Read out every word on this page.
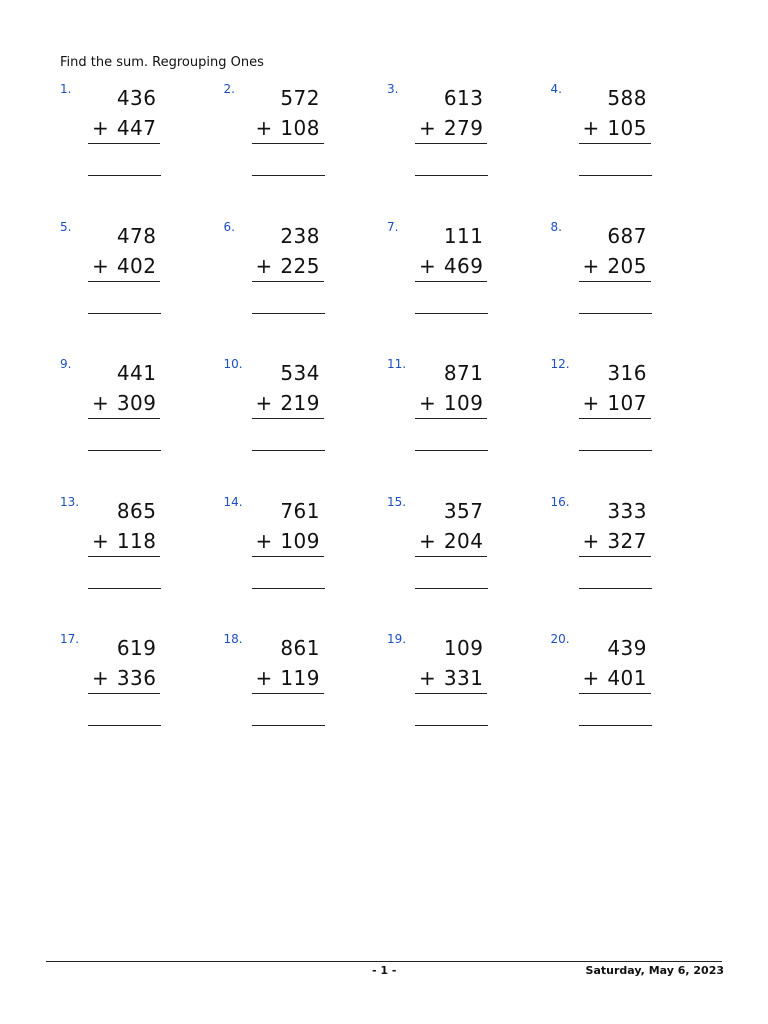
Find the sum. Regrouping Ones
1. 436
+ 447
2. 572
+ 108
3. 613
+ 279
4. 588
+ 105
5. 478
+ 402
6. 238
+ 225
7. 111
+ 469
8. 687
+ 205
9. 441
+ 309
10. 534
+ 219
11. 871
+ 109
12. 316
+ 107
13. 865
+ 118
14. 761
+ 109
15. 357
+ 204
16. 333
+ 327
17. 619
+ 336
18. 861
+ 119
19. 109
+ 331
20. 439
+ 401
- 1 -	Saturday, May 6, 2023
